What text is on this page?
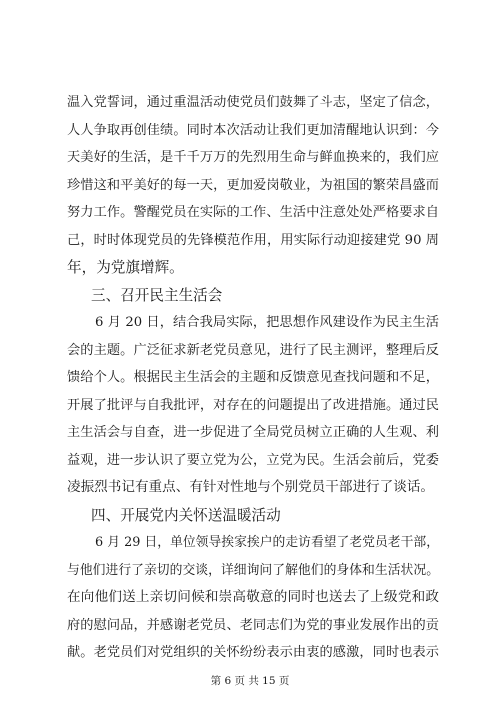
温入党誓词，通过重温活动使党员们鼓舞了斗志，坚定了信念，
人人争取再创佳绩。同时本次活动让我们更加清醒地认识到：今
天美好的生活，是千千万万的先烈用生命与鲜血换来的，我们应
珍惜这和平美好的每一天，更加爱岗敬业，为祖国的繁荣昌盛而
努力工作。警醒党员在实际的工作、生活中注意处处严格要求自
己，时时体现党员的先锋模范作用，用实际行动迎接建党 90 周
年，为党旗增辉。
三、召开民主生活会
6 月 20 日，结合我局实际，把思想作风建设作为民主生活
会的主题。广泛征求新老党员意见，进行了民主测评，整理后反
馈给个人。根据民主生活会的主题和反馈意见查找问题和不足，
开展了批评与自我批评，对存在的问题提出了改进措施。通过民
主生活会与自查，进一步促进了全局党员树立正确的人生观、利
益观，进一步认识了要立党为公，立党为民。生活会前后，党委
凌振烈书记有重点、有针对性地与个别党员干部进行了谈话。
四、开展党内关怀送温暖活动
6 月 29 日，单位领导挨家挨户的走访看望了老党员老干部，
与他们进行了亲切的交谈，详细询问了解他们的身体和生活状况。
在向他们送上亲切问候和崇高敬意的同时也送去了上级党和政
府的慰问品，并感谢老党员、老同志们为党的事业发展作出的贡
献。老党员们对党组织的关怀纷纷表示由衷的感激，同时也表示
第 6 页 共 15 页
